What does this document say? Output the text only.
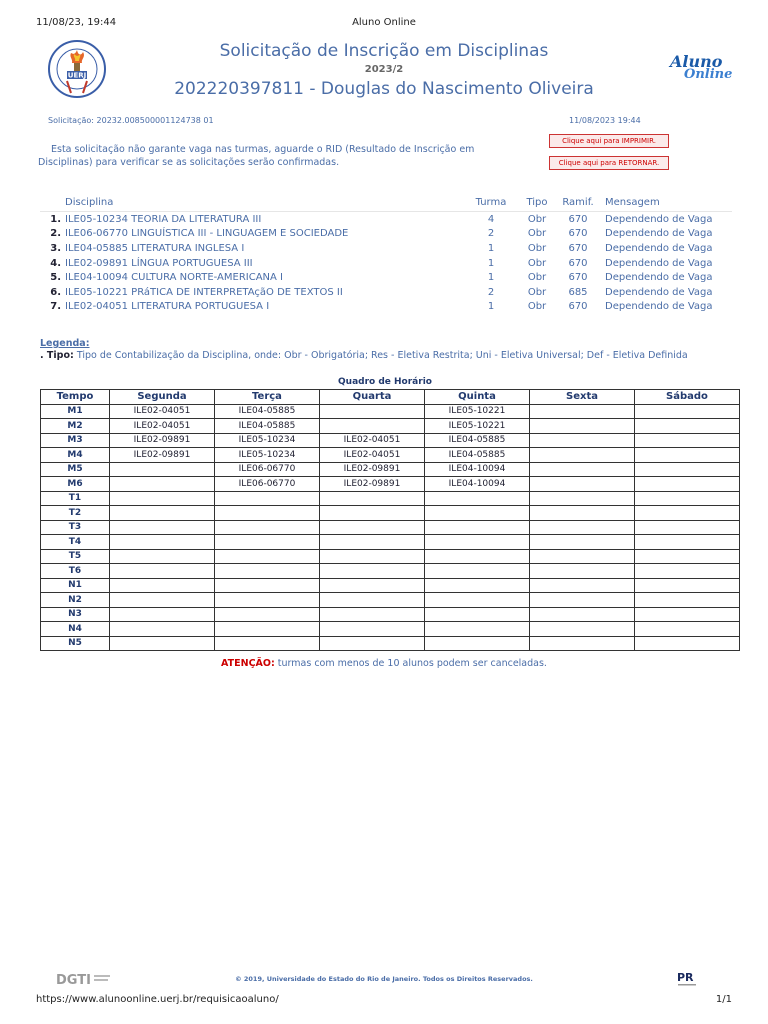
11/08/23, 19:44	Aluno Online
UERJ
Solicitação de Inscrição em Disciplinas
2023/2
202220397811 - Douglas do Nascimento Oliveira
Aluno
Online
Solicitação: 20232.008500001124738 01	11/08/2023 19:44
Esta solicitação não garante vaga nas turmas, aguarde o RID (Resultado de Inscrição em Disciplinas) para verificar se as solicitações serão confirmadas.
Clique aqui para IMPRIMIR.
Clique aqui para RETORNAR.
	Disciplina	Turma	Tipo	Ramif.	Mensagem
1.	ILE05-10234 TEORIA DA LITERATURA III	4	Obr	670	Dependendo de Vaga
2.	ILE06-06770 LINGUÍSTICA III - LINGUAGEM E SOCIEDADE	2	Obr	670	Dependendo de Vaga
3.	ILE04-05885 LITERATURA INGLESA I	1	Obr	670	Dependendo de Vaga
4.	ILE02-09891 LÍNGUA PORTUGUESA III	1	Obr	670	Dependendo de Vaga
5.	ILE04-10094 CULTURA NORTE-AMERICANA I	1	Obr	670	Dependendo de Vaga
6.	ILE05-10221 PRáTICA DE INTERPRETAçãO DE TEXTOS II	2	Obr	685	Dependendo de Vaga
7.	ILE02-04051 LITERATURA PORTUGUESA I	1	Obr	670	Dependendo de Vaga
Legenda:
. Tipo: Tipo de Contabilização da Disciplina, onde: Obr - Obrigatória; Res - Eletiva Restrita; Uni - Eletiva Universal; Def - Eletiva Definida
Quadro de Horário
Tempo	Segunda	Terça	Quarta	Quinta	Sexta	Sábado
M1	ILE02-04051	ILE04-05885		ILE05-10221		
M2	ILE02-04051	ILE04-05885		ILE05-10221		
M3	ILE02-09891	ILE05-10234	ILE02-04051	ILE04-05885		
M4	ILE02-09891	ILE05-10234	ILE02-04051	ILE04-05885		
M5		ILE06-06770	ILE02-09891	ILE04-10094		
M6		ILE06-06770	ILE02-09891	ILE04-10094		
T1						
T2						
T3						
T4						
T5						
T6						
N1						
N2						
N3						
N4						
N5						
ATENÇÃO: turmas com menos de 10 alunos podem ser canceladas.
DGTI	© 2019, Universidade do Estado do Rio de Janeiro. Todos os Direitos Reservados.	PR
https://www.alunoonline.uerj.br/requisicaoaluno/	1/1
